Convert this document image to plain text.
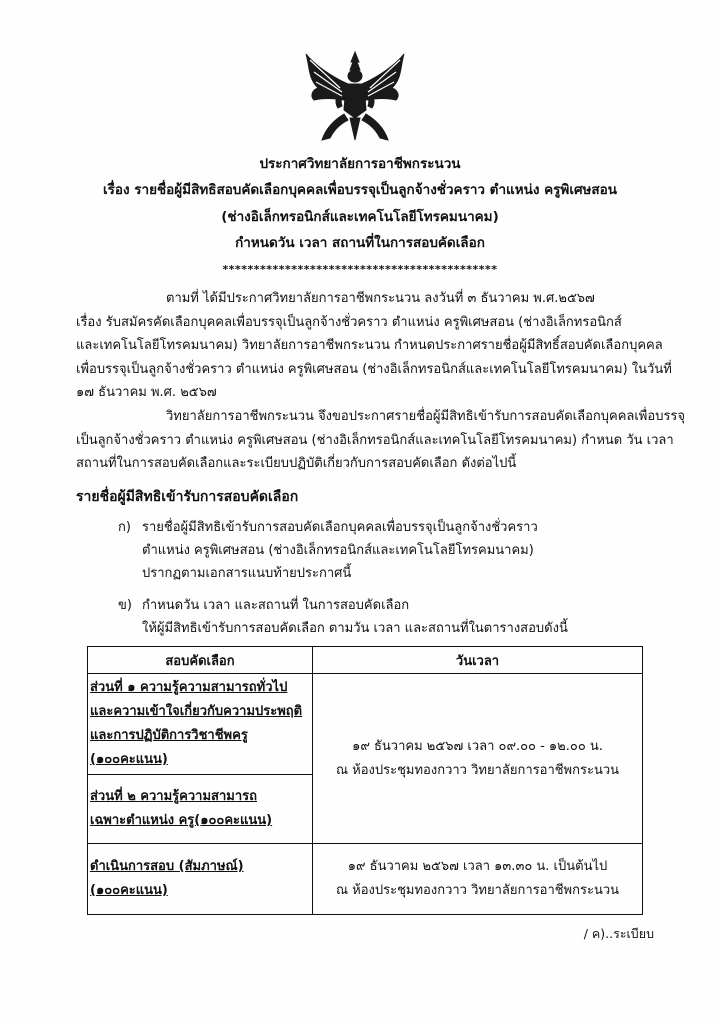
ประกาศวิทยาลัยการอาชีพกระนวน
เรื่อง รายชื่อผู้มีสิทธิสอบคัดเลือกบุคคลเพื่อบรรจุเป็นลูกจ้างชั่วคราว ตำแหน่ง ครูพิเศษสอน
(ช่างอิเล็กทรอนิกส์และเทคโนโลยีโทรคมนาคม)
กำหนดวัน เวลา สถานที่ในการสอบคัดเลือก
********************************************
ตามที่ ได้มีประกาศวิทยาลัยการอาชีพกระนวน ลงวันที่ ๓ ธันวาคม พ.ศ.๒๕๖๗
เรื่อง รับสมัครคัดเลือกบุคคลเพื่อบรรจุเป็นลูกจ้างชั่วคราว ตำแหน่ง ครูพิเศษสอน (ช่างอิเล็กทรอนิกส์
และเทคโนโลยีโทรคมนาคม) วิทยาลัยการอาชีพกระนวน กำหนดประกาศรายชื่อผู้มีสิทธิ์สอบคัดเลือกบุคคล
เพื่อบรรจุเป็นลูกจ้างชั่วคราว ตำแหน่ง ครูพิเศษสอน (ช่างอิเล็กทรอนิกส์และเทคโนโลยีโทรคมนาคม) ในวันที่
๑๗ ธันวาคม พ.ศ. ๒๕๖๗
วิทยาลัยการอาชีพกระนวน จึงขอประกาศรายชื่อผู้มีสิทธิเข้ารับการสอบคัดเลือกบุคคลเพื่อบรรจุ
เป็นลูกจ้างชั่วคราว ตำแหน่ง ครูพิเศษสอน (ช่างอิเล็กทรอนิกส์และเทคโนโลยีโทรคมนาคม) กำหนด วัน เวลา
สถานที่ในการสอบคัดเลือกและระเบียบปฏิบัติเกี่ยวกับการสอบคัดเลือก ดังต่อไปนี้
รายชื่อผู้มีสิทธิเข้ารับการสอบคัดเลือก
ก) รายชื่อผู้มีสิทธิเข้ารับการสอบคัดเลือกบุคคลเพื่อบรรจุเป็นลูกจ้างชั่วคราว
ตำแหน่ง ครูพิเศษสอน (ช่างอิเล็กทรอนิกส์และเทคโนโลยีโทรคมนาคม)
ปรากฏตามเอกสารแนบท้ายประกาศนี้
ข) กำหนดวัน เวลา และสถานที่ ในการสอบคัดเลือก
ให้ผู้มีสิทธิเข้ารับการสอบคัดเลือก ตามวัน เวลา และสถานที่ในตารางสอบดังนี้
สอบคัดเลือก	วันเวลา

ส่วนที่ ๑ ความรู้ความสามารถทั่วไป
และความเข้าใจเกี่ยวกับความประพฤติ
และการปฏิบัติการวิชาชีพครู
(๑๐๐คะแนน)	๑๙ ธันวาคม ๒๕๖๗ เวลา ๐๙.๐๐ - ๑๒.๐๐ น.
ณ ห้องประชุมทองกวาว วิทยาลัยการอาชีพกระนวน

ส่วนที่ ๒ ความรู้ความสามารถ
เฉพาะตำแหน่ง ครู(๑๐๐คะแนน)	

ดำเนินการสอบ (สัมภาษณ์)
(๑๐๐คะแนน)	๑๙ ธันวาคม ๒๕๖๗ เวลา ๑๓.๓๐ น. เป็นต้นไป
ณ ห้องประชุมทองกวาว วิทยาลัยการอาชีพกระนวน
/ ค)..ระเบียบ
